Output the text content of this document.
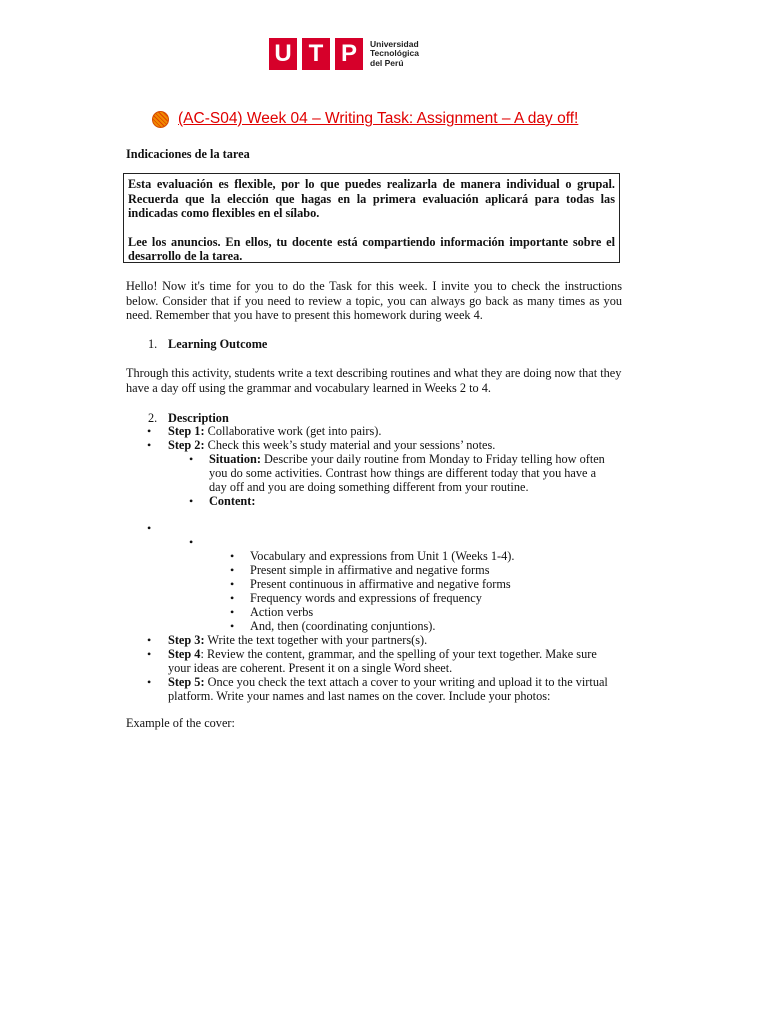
U T P	Universidad
Tecnológica
del Perú
(AC-S04) Week 04 – Writing Task: Assignment – A day off!
Indicaciones de la tarea

Esta evaluación es flexible, por lo que puedes realizarla de manera individual o grupal. Recuerda que la elección que hagas en la primera evaluación aplicará para todas las indicadas como flexibles en el sílabo.

Lee los anuncios. En ellos, tu docente está compartiendo información importante sobre el desarrollo de la tarea.

Hello! Now it's time for you to do the Task for this week. I invite you to check the instructions below. Consider that if you need to review a topic, you can always go back as many times as you need. Remember that you have to present this homework during week 4.
1. Learning Outcome
Through this activity, students write a text describing routines and what they are doing now that they have a day off using the grammar and vocabulary learned in Weeks 2 to 4.
2. Description
• Step 1: Collaborative work (get into pairs).
• Step 2: Check this week’s study material and your sessions’ notes.
• Situation: Describe your daily routine from Monday to Friday telling how often
you do some activities. Contrast how things are different today that you have a
day off and you are doing something different from your routine.
• Content:
•
•
• Vocabulary and expressions from Unit 1 (Weeks 1-4).
• Present simple in affirmative and negative forms
• Present continuous in affirmative and negative forms
• Frequency words and expressions of frequency
• Action verbs
• And, then (coordinating conjuntions).
• Step 3: Write the text together with your partners(s).
• Step 4: Review the content, grammar, and the spelling of your text together. Make sure
your ideas are coherent. Present it on a single Word sheet.
• Step 5: Once you check the text attach a cover to your writing and upload it to the virtual
platform. Write your names and last names on the cover. Include your photos:
Example of the cover:
